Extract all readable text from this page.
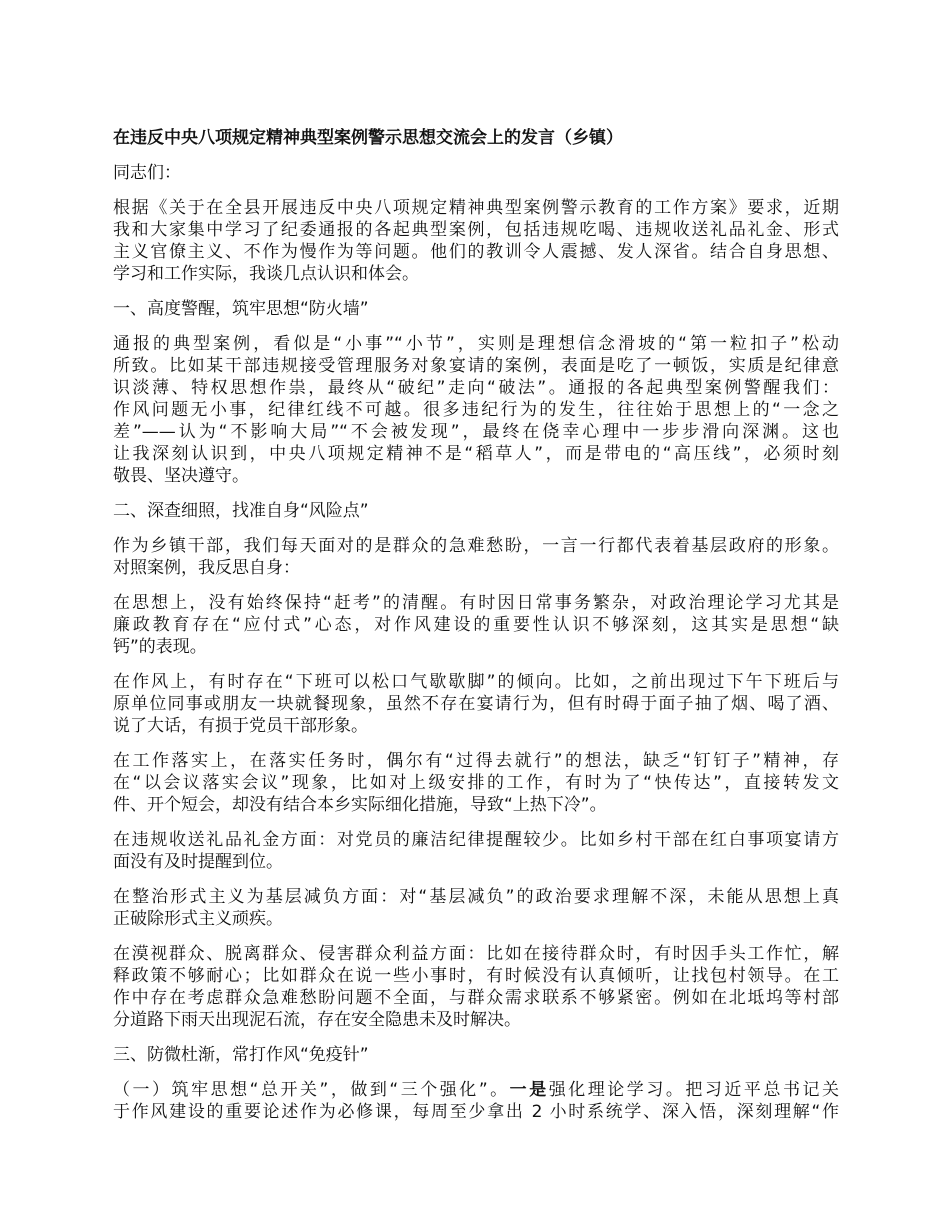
在违反中央八项规定精神典型案例警示思想交流会上的发言（乡镇）
同志们：
根据《关于在全县开展违反中央八项规定精神典型案例警示教育的工作方案》要求，近期
我和大家集中学习了纪委通报的各起典型案例，包括违规吃喝、违规收送礼品礼金、形式
主义官僚主义、不作为慢作为等问题。他们的教训令人震撼、发人深省。结合自身思想、
学习和工作实际，我谈几点认识和体会。
一、高度警醒，筑牢思想“防火墙”
通报的典型案例，看似是“小事”“小节”，实则是理想信念滑坡的“第一粒扣子”松动
所致。比如某干部违规接受管理服务对象宴请的案例，表面是吃了一顿饭，实质是纪律意
识淡薄、特权思想作祟，最终从“破纪”走向“破法”。通报的各起典型案例警醒我们：
作风问题无小事，纪律红线不可越。很多违纪行为的发生，往往始于思想上的“一念之
差”——认为“不影响大局”“不会被发现”，最终在侥幸心理中一步步滑向深渊。这也
让我深刻认识到，中央八项规定精神不是“稻草人”，而是带电的“高压线”，必须时刻
敬畏、坚决遵守。
二、深查细照，找准自身“风险点”
作为乡镇干部，我们每天面对的是群众的急难愁盼，一言一行都代表着基层政府的形象。
对照案例，我反思自身：
在思想上，没有始终保持“赶考”的清醒。有时因日常事务繁杂，对政治理论学习尤其是
廉政教育存在“应付式”心态，对作风建设的重要性认识不够深刻，这其实是思想“缺
钙”的表现。
在作风上，有时存在“下班可以松口气歇歇脚”的倾向。比如，之前出现过下午下班后与
原单位同事或朋友一块就餐现象，虽然不存在宴请行为，但有时碍于面子抽了烟、喝了酒、
说了大话，有损于党员干部形象。
在工作落实上，在落实任务时，偶尔有“过得去就行”的想法，缺乏“钉钉子”精神，存
在“以会议落实会议”现象，比如对上级安排的工作，有时为了“快传达”，直接转发文
件、开个短会，却没有结合本乡实际细化措施，导致“上热下冷”。
在违规收送礼品礼金方面：对党员的廉洁纪律提醒较少。比如乡村干部在红白事项宴请方
面没有及时提醒到位。
在整治形式主义为基层减负方面：对“基层减负”的政治要求理解不深，未能从思想上真
正破除形式主义顽疾。
在漠视群众、脱离群众、侵害群众利益方面：比如在接待群众时，有时因手头工作忙，解
释政策不够耐心；比如群众在说一些小事时，有时候没有认真倾听，让找包村领导。在工
作中存在考虑群众急难愁盼问题不全面，与群众需求联系不够紧密。例如在北坻坞等村部
分道路下雨天出现泥石流，存在安全隐患未及时解决。
三、防微杜渐，常打作风“免疫针”
（一）筑牢思想“总开关”，做到“三个强化”。一是强化理论学习。把习近平总书记关
于作风建设的重要论述作为必修课，每周至少拿出 2 小时系统学、深入悟，深刻理解“作
